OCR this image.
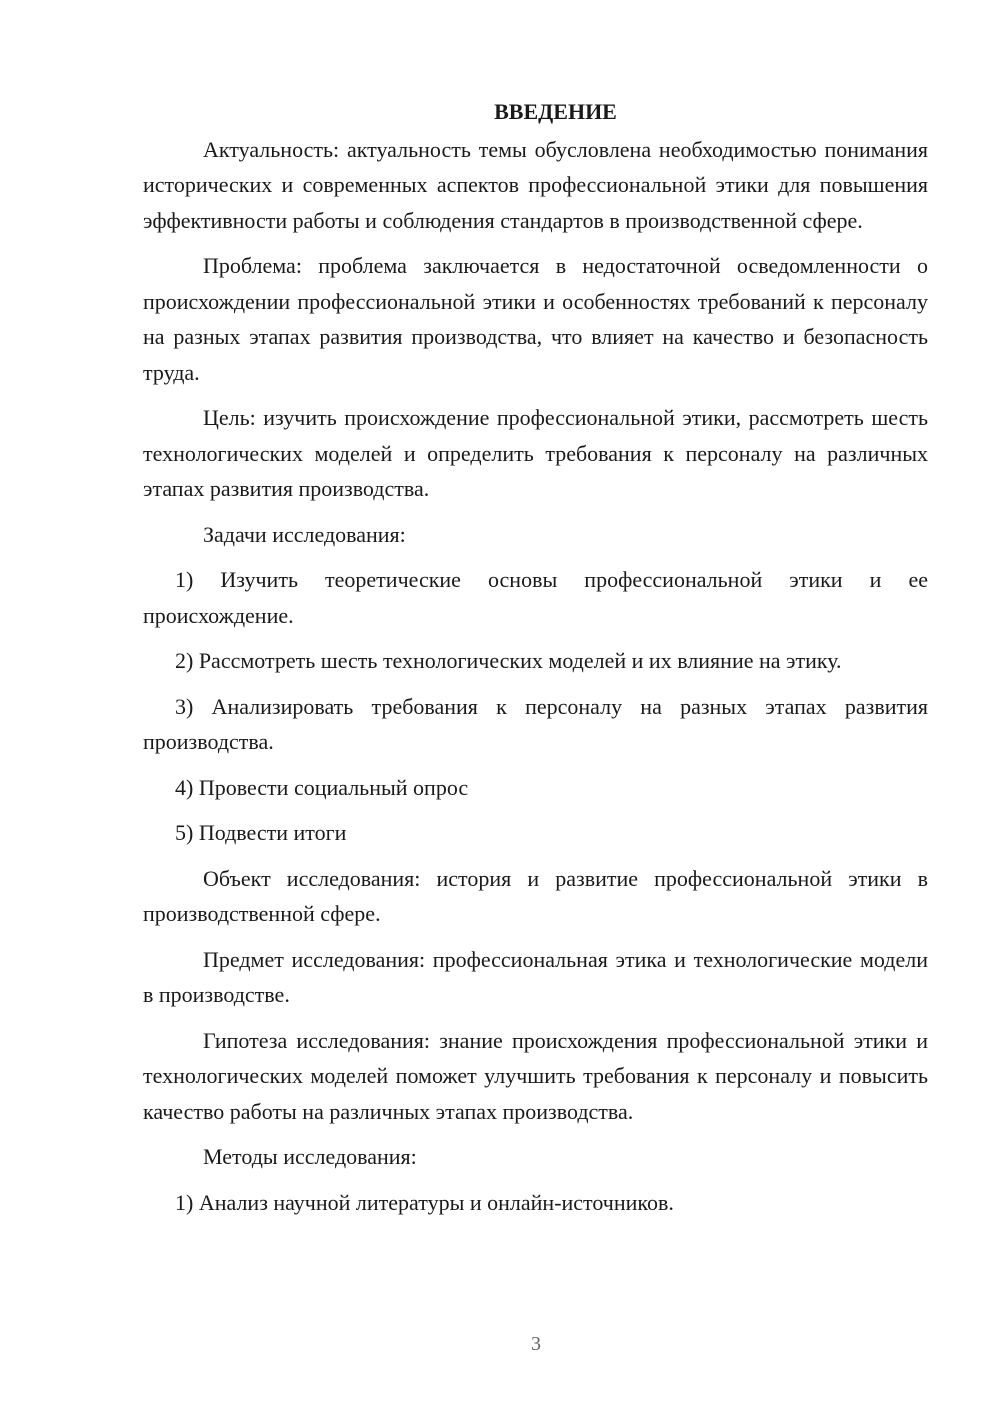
ВВЕДЕНИЕ

Актуальность: актуальность темы обусловлена необходимостью понимания исторических и современных аспектов профессиональной этики для повышения эффективности работы и соблюдения стандартов в производственной сфере.

Проблема: проблема заключается в недостаточной осведомленности о происхождении профессиональной этики и особенностях требований к персоналу на разных этапах развития производства, что влияет на качество и безопасность труда.

Цель: изучить происхождение профессиональной этики, рассмотреть шесть технологических моделей и определить требования к персоналу на различных этапах развития производства.

Задачи исследования:

1) Изучить теоретические основы профессиональной этики и ее происхождение.

2) Рассмотреть шесть технологических моделей и их влияние на этику.

3) Анализировать требования к персоналу на разных этапах развития производства.

4) Провести социальный опрос

5) Подвести итоги

Объект исследования: история и развитие профессиональной этики в производственной сфере.

Предмет исследования: профессиональная этика и технологические модели в производстве.

Гипотеза исследования: знание происхождения профессиональной этики и технологических моделей поможет улучшить требования к персоналу и повысить качество работы на различных этапах производства.

Методы исследования:

1) Анализ научной литературы и онлайн-источников.

3
